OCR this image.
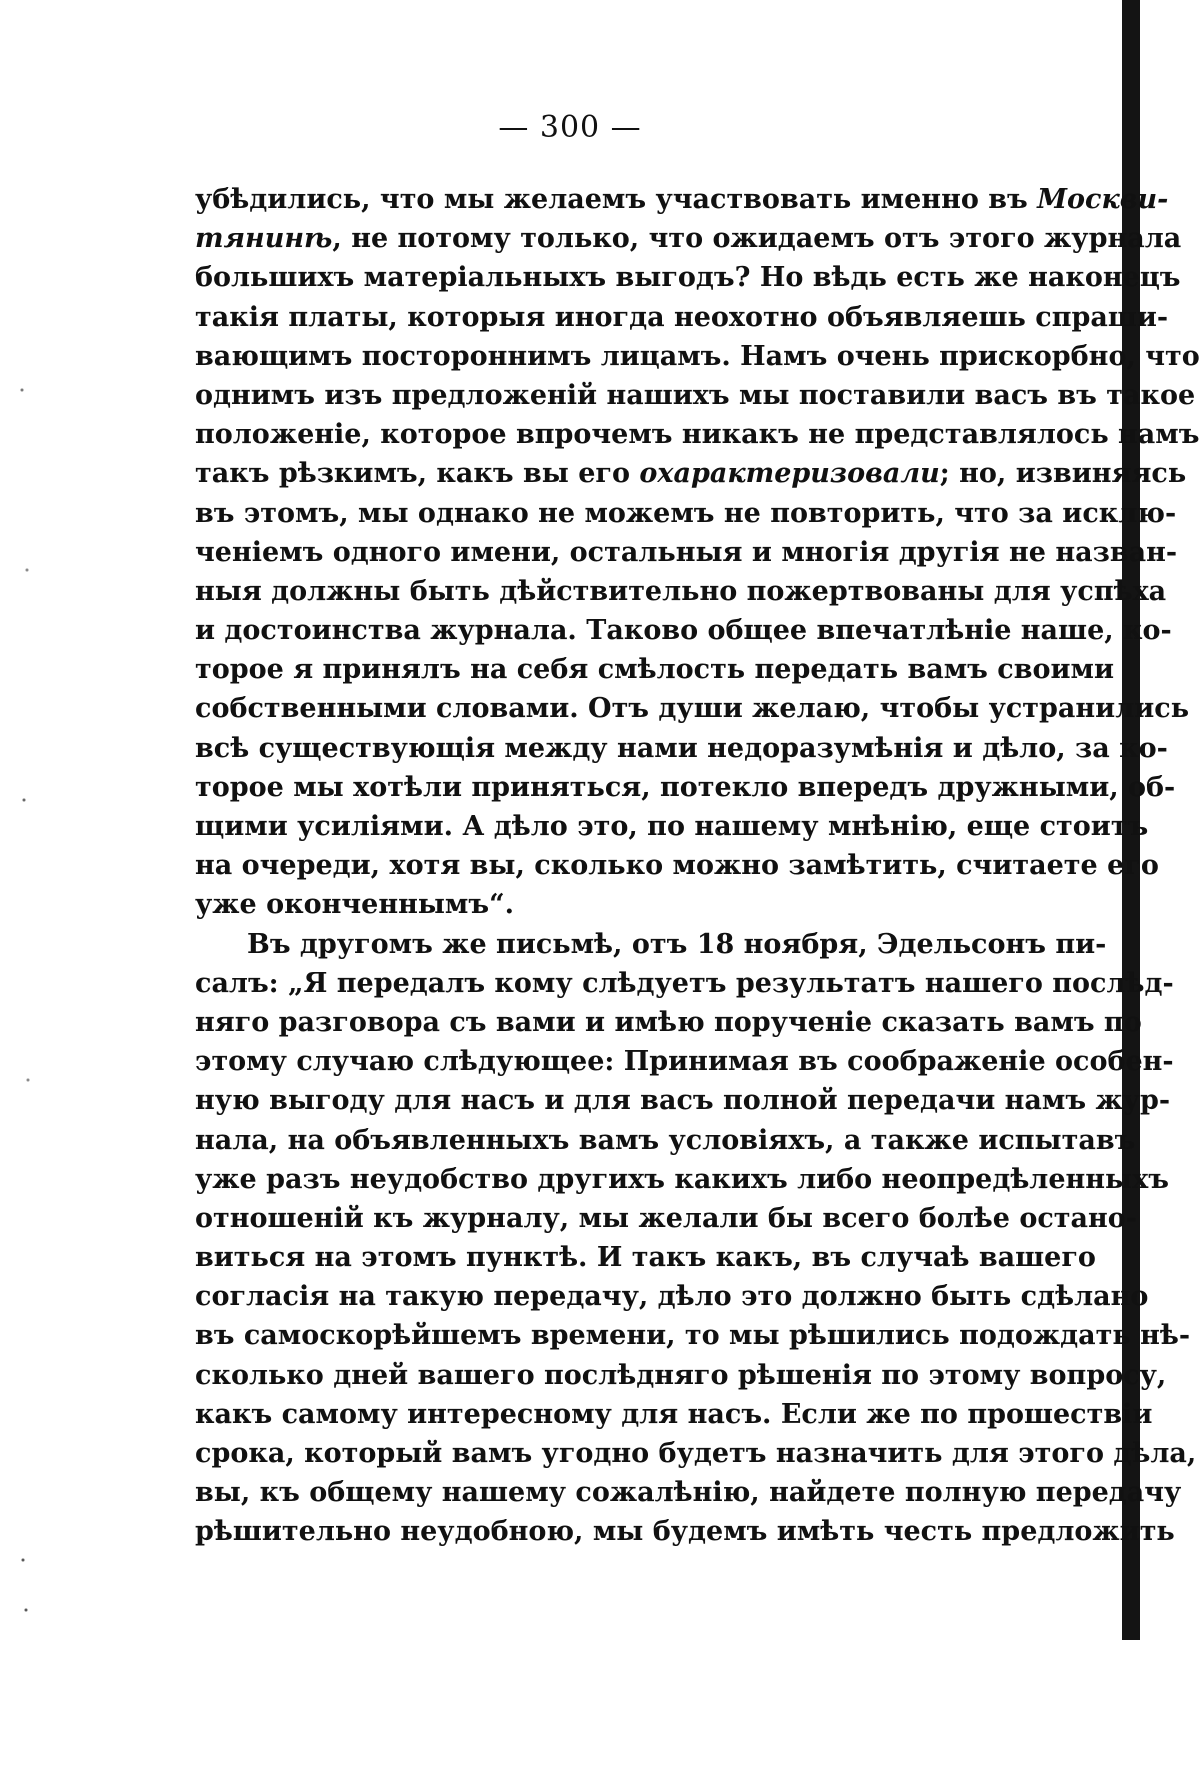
— 300 —
убѣдились, что мы желаемъ участвовать именно въ Москви-
тянинѣ, не потому только, что ожидаемъ отъ этого журнала
большихъ матеріальныхъ выгодъ? Но вѣдь есть же наконецъ
такія платы, которыя иногда неохотно объявляешь спраши-
вающимъ постороннимъ лицамъ. Намъ очень прискорбно, что
однимъ изъ предложеній нашихъ мы поставили васъ въ такое
положеніе, которое впрочемъ никакъ не представлялось намъ
такъ рѣзкимъ, какъ вы его охарактеризовали; но, извиняясь
въ этомъ, мы однако не можемъ не повторить, что за исклю-
ченіемъ одного имени, остальныя и многія другія не назван-
ныя должны быть дѣйствительно пожертвованы для успѣха
и достоинства журнала. Таково общее впечатлѣніе наше, ко-
торое я принялъ на себя смѣлость передать вамъ своими
собственными словами. Отъ души желаю, чтобы устранились
всѣ существующія между нами недоразумѣнія и дѣло, за ко-
торое мы хотѣли приняться, потекло впередъ дружными, об-
щими усиліями. А дѣло это, по нашему мнѣнію, еще стоитъ
на очереди, хотя вы, сколько можно замѣтить, считаете его
уже оконченнымъ“.
Въ другомъ же письмѣ, отъ 18 ноября, Эдельсонъ пи-
салъ: „Я передалъ кому слѣдуетъ результатъ нашего послѣд-
няго разговора съ вами и имѣю порученіе сказать вамъ по
этому случаю слѣдующее: Принимая въ соображеніе особен-
ную выгоду для насъ и для васъ полной передачи намъ жур-
нала, на объявленныхъ вамъ условіяхъ, а также испытавъ
уже разъ неудобство другихъ какихъ либо неопредѣленныхъ
отношеній къ журналу, мы желали бы всего болѣе остано-
виться на этомъ пунктѣ. И такъ какъ, въ случаѣ вашего
согласія на такую передачу, дѣло это должно быть сдѣлано
въ самоскорѣйшемъ времени, то мы рѣшились подождать нѣ-
сколько дней вашего послѣдняго рѣшенія по этому вопросу,
какъ самому интересному для насъ. Если же по прошествіи
срока, который вамъ угодно будетъ назначить для этого дѣла,
вы, къ общему нашему сожалѣнію, найдете полную передачу
рѣшительно неудобною, мы будемъ имѣть честь предложить
